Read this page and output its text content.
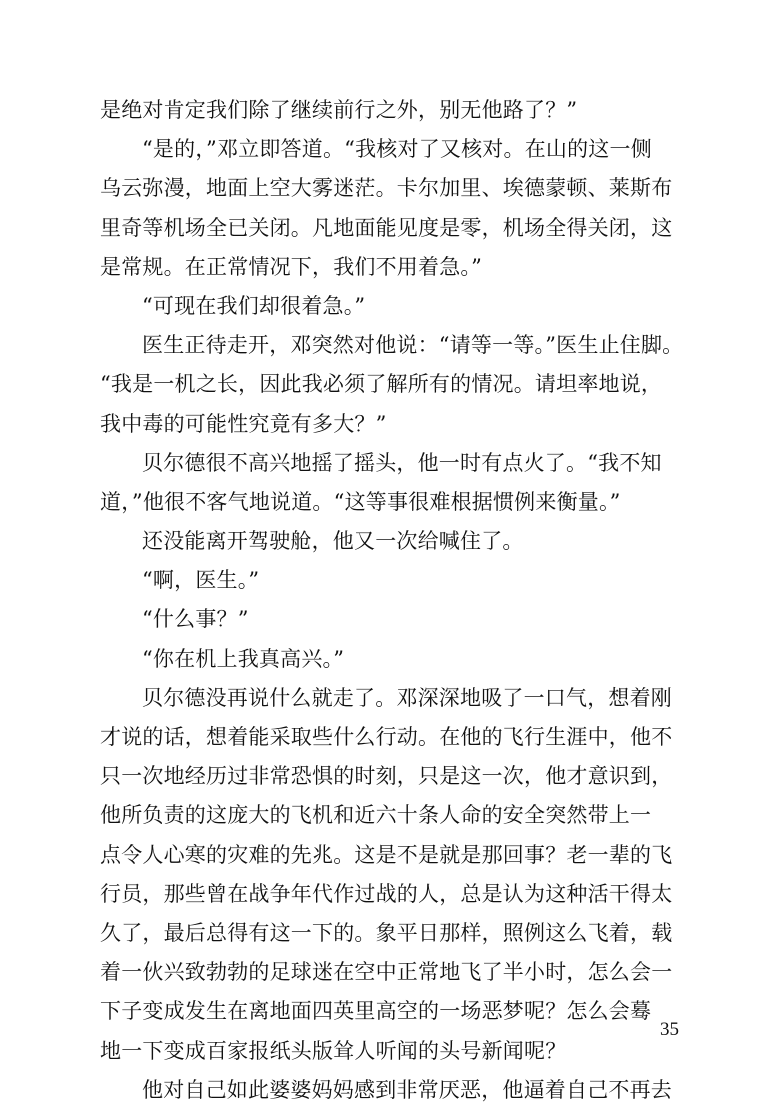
是绝对肯定我们除了继续前行之外，别无他路了？”
“是的，”邓立即答道。“我核对了又核对。在山的这一侧
乌云弥漫，地面上空大雾迷茫。卡尔加里、埃德蒙顿、莱斯布
里奇等机场全已关闭。凡地面能见度是零，机场全得关闭，这
是常规。在正常情况下，我们不用着急。”
“可现在我们却很着急。”
医生正待走开，邓突然对他说：“请等一等。”医生止住脚。
“我是一机之长，因此我必须了解所有的情况。请坦率地说，
我中毒的可能性究竟有多大？”
贝尔德很不高兴地摇了摇头，他一时有点火了。“我不知
道，”他很不客气地说道。“这等事很难根据惯例来衡量。”
还没能离开驾驶舱，他又一次给喊住了。
“啊，医生。”
“什么事？”
“你在机上我真高兴。”
贝尔德没再说什么就走了。邓深深地吸了一口气，想着刚
才说的话，想着能采取些什么行动。在他的飞行生涯中，他不
只一次地经历过非常恐惧的时刻，只是这一次，他才意识到，
他所负责的这庞大的飞机和近六十条人命的安全突然带上一
点令人心寒的灾难的先兆。这是不是就是那回事？老一辈的飞
行员，那些曾在战争年代作过战的人，总是认为这种活干得太
久了，最后总得有这一下的。象平日那样，照例这么飞着，载
着一伙兴致勃勃的足球迷在空中正常地飞了半小时，怎么会一
下子变成发生在离地面四英里高空的一场恶梦呢？怎么会蓦
地一下变成百家报纸头版耸人听闻的头号新闻呢？
他对自己如此婆婆妈妈感到非常厌恶，他逼着自己不再去
35
